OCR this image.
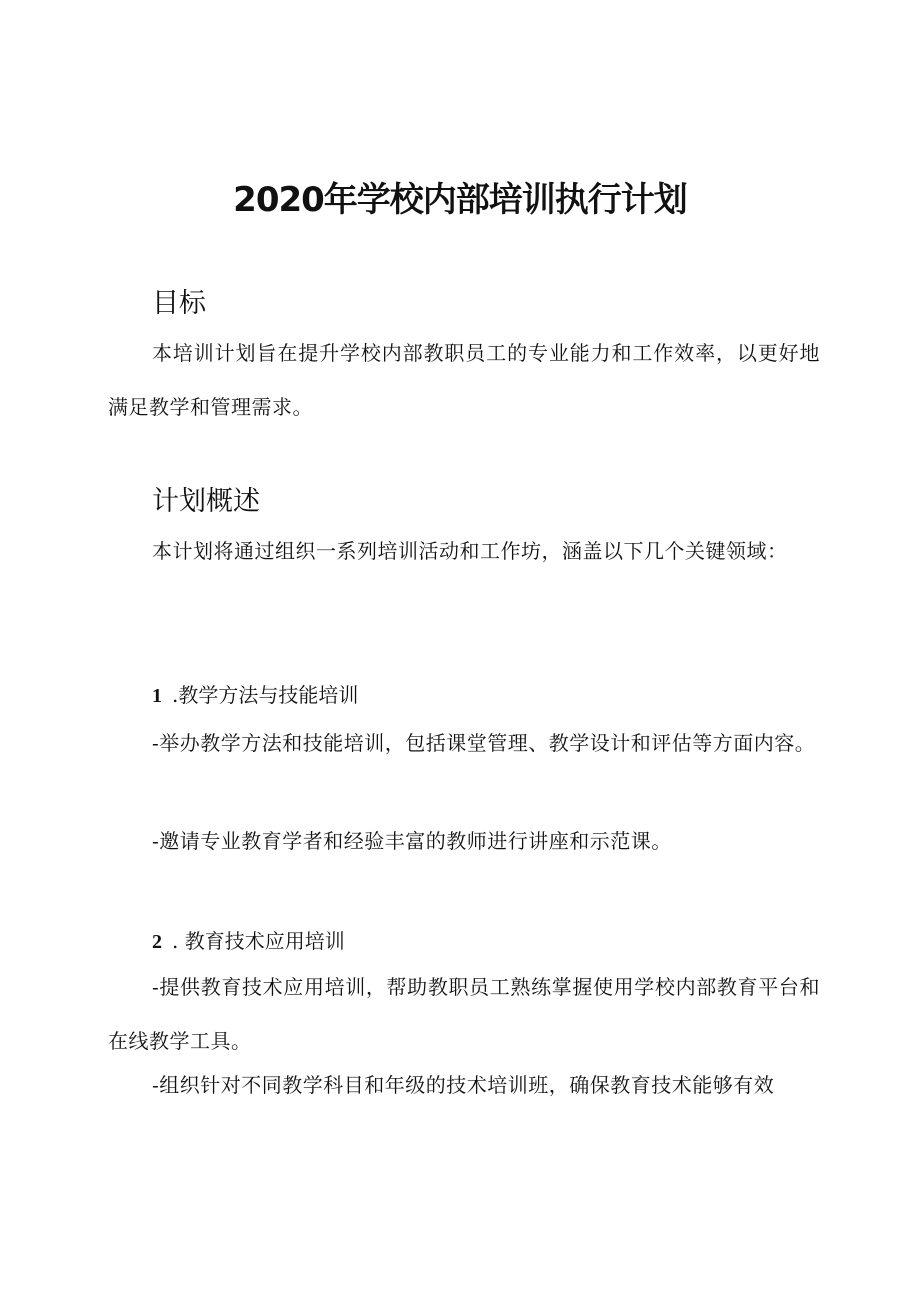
2020年学校内部培训执行计划
目标
本培训计划旨在提升学校内部教职员工的专业能力和工作效率，以更好地满足教学和管理需求。
计划概述
本计划将通过组织一系列培训活动和工作坊，涵盖以下几个关键领域：
1 .教学方法与技能培训
-举办教学方法和技能培训，包括课堂管理、教学设计和评估等方面内容。
-邀请专业教育学者和经验丰富的教师进行讲座和示范课。
2 . 教育技术应用培训
-提供教育技术应用培训，帮助教职员工熟练掌握使用学校内部教育平台和在线教学工具。
-组织针对不同教学科目和年级的技术培训班，确保教育技术能够有效
